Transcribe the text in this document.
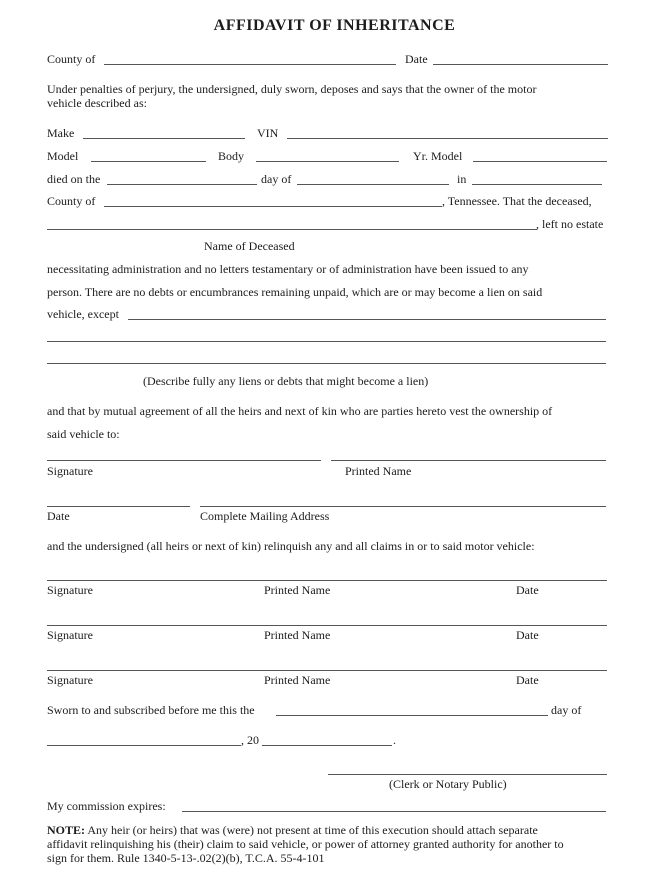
AFFIDAVIT OF INHERITANCE
County of	Date
Under penalties of perjury, the undersigned, duly sworn, deposes and says that the owner of the motor
vehicle described as:
Make	VIN
Model	Body	Yr. Model
died on the	day of	in
County of	, Tennessee. That the deceased,
, left no estate
Name of Deceased
necessitating administration and no letters testamentary or of administration have been issued to any
person. There are no debts or encumbrances remaining unpaid, which are or may become a lien on said
vehicle, except
(Describe fully any liens or debts that might become a lien)
and that by mutual agreement of all the heirs and next of kin who are parties hereto vest the ownership of
said vehicle to:
Signature	Printed Name
Date	Complete Mailing Address
and the undersigned (all heirs or next of kin) relinquish any and all claims in or to said motor vehicle:
Signature	Printed Name	Date
Signature	Printed Name	Date
Signature	Printed Name	Date
Sworn to and subscribed before me this the	day of
, 20	.
(Clerk or Notary Public)
My commission expires:
NOTE: Any heir (or heirs) that was (were) not present at time of this execution should attach separate
affidavit relinquishing his (their) claim to said vehicle, or power of attorney granted authority for another to
sign for them. Rule 1340-5-13-.02(2)(b), T.C.A. 55-4-101
